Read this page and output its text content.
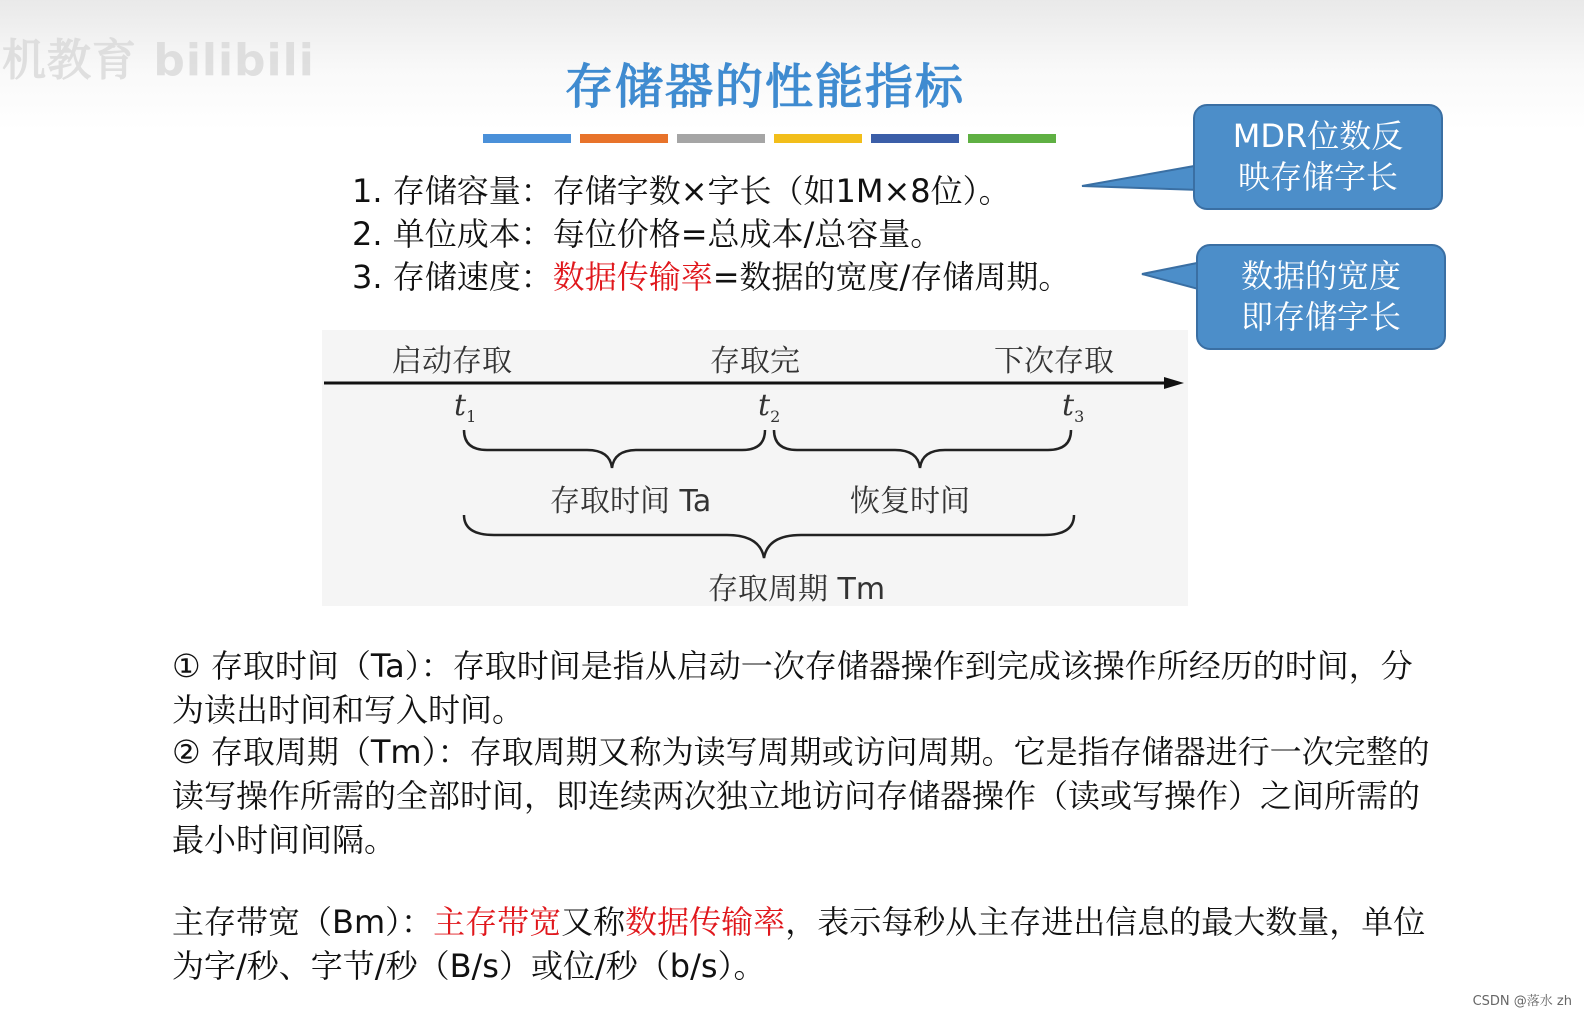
机教育 bilibili	存储器的性能指标
1. 存储容量：存储字数×字长（如1M×8位）。
2. 单位成本：每位价格=总成本/总容量。
3. 存储速度：数据传输率=数据的宽度/存储周期。
MDR位数反
映存储字长
数据的宽度
即存储字长
启动存取	存取完	下次存取
$t_1$	$t_2$	$t_3$
存取时间 Ta	恢复时间
存取周期 Tm
① 存取时间（Ta）：存取时间是指从启动一次存储器操作到完成该操作所经历的时间，分为读出时间和写入时间。
② 存取周期（Tm）：存取周期又称为读写周期或访问周期。它是指存储器进行一次完整的读写操作所需的全部时间，即连续两次独立地访问存储器操作（读或写操作）之间所需的最小时间间隔。
主存带宽（Bm）：主存带宽又称数据传输率，表示每秒从主存进出信息的最大数量，单位为字/秒、字节/秒（B/s）或位/秒（b/s）。
CSDN @落水 zh
